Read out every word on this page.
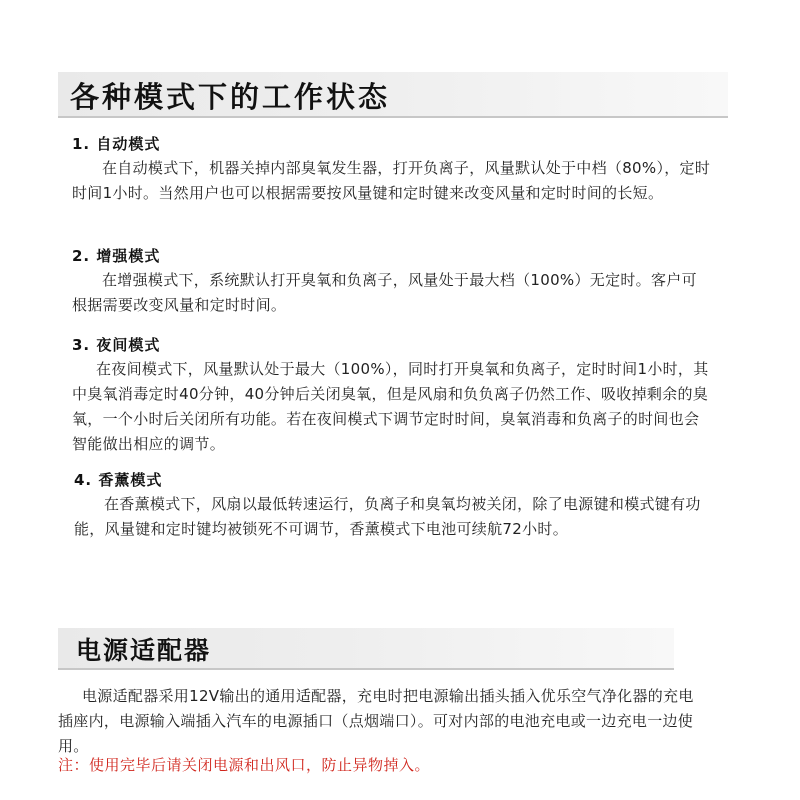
各种模式下的工作状态
1. 自动模式

在自动模式下，机器关掉内部臭氧发生器，打开负离子，风量默认处于中档（80%），定时时间1小时。当然用户也可以根据需要按风量键和定时键来改变风量和定时时间的长短。

2. 增强模式

在增强模式下，系统默认打开臭氧和负离子，风量处于最大档（100%）无定时。客户可根据需要改变风量和定时时间。

3. 夜间模式

在夜间模式下，风量默认处于最大（100%），同时打开臭氧和负离子，定时时间1小时，其中臭氧消毒定时40分钟，40分钟后关闭臭氧，但是风扇和负负离子仍然工作、吸收掉剩余的臭氧，一个小时后关闭所有功能。若在夜间模式下调节定时时间，臭氧消毒和负离子的时间也会智能做出相应的调节。

4. 香薰模式

在香薰模式下，风扇以最低转速运行，负离子和臭氧均被关闭，除了电源键和模式键有功能，风量键和定时键均被锁死不可调节，香薰模式下电池可续航72小时。

电源适配器

电源适配器采用12V输出的通用适配器，充电时把电源输出插头插入优乐空气净化器的充电插座内，电源输入端插入汽车的电源插口（点烟端口）。可对内部的电池充电或一边充电一边使用。

注：使用完毕后请关闭电源和出风口，防止异物掉入。
